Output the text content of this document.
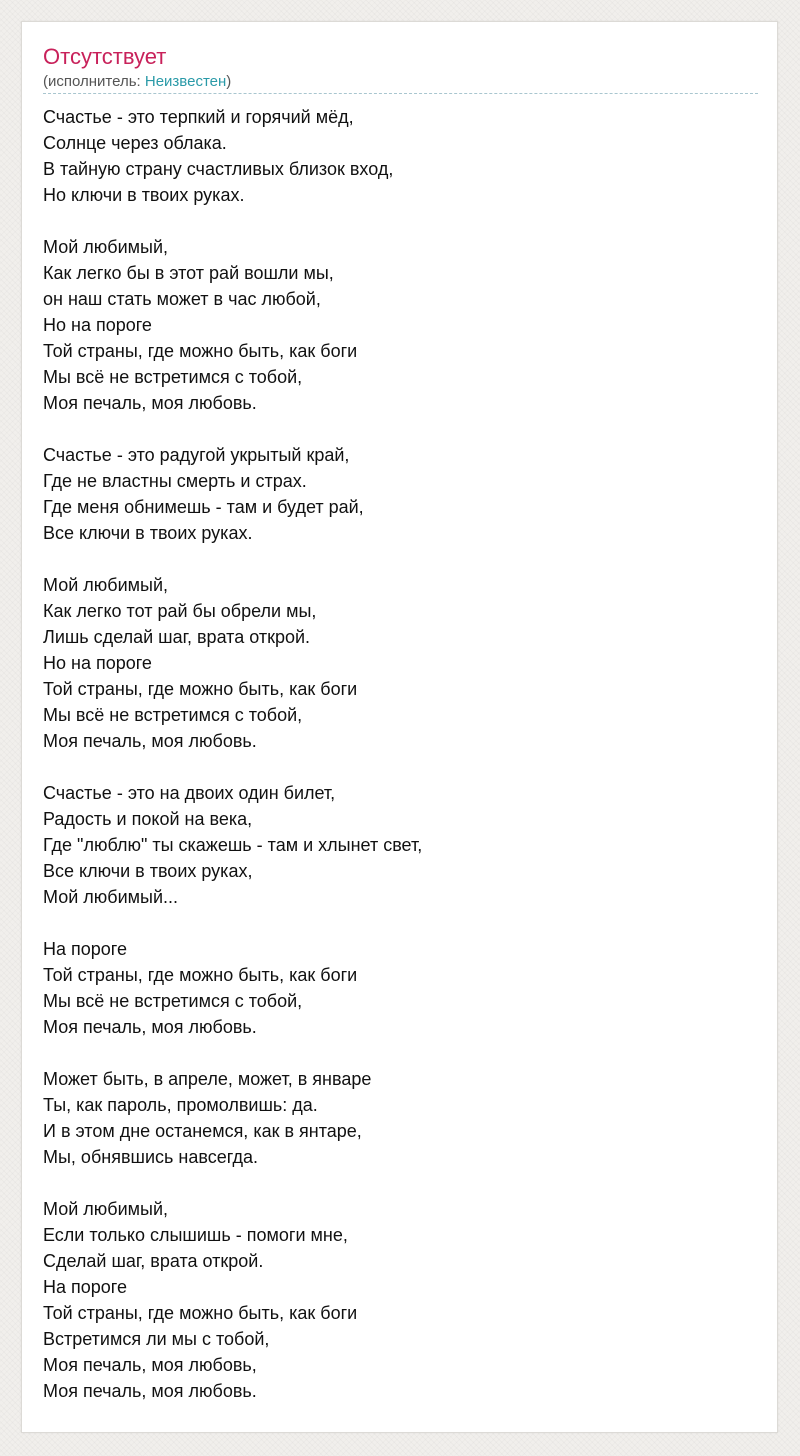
Отсутствует
(исполнитель: Неизвестен)
Счастье - это терпкий и горячий мёд,
Солнце через облака.
В тайную страну счастливых близок вход,
Но ключи в твоих руках.
Мой любимый,
Как легко бы в этот рай вошли мы,
он наш стать может в час любой,
Но на пороге
Той страны, где можно быть, как боги
Мы всё не встретимся с тобой,
Моя печаль, моя любовь.
Счастье - это радугой укрытый край,
Где не властны смерть и страх.
Где меня обнимешь - там и будет рай,
Все ключи в твоих руках.
Мой любимый,
Как легко тот рай бы обрели мы,
Лишь сделай шаг, врата открой.
Но на пороге
Той страны, где можно быть, как боги
Мы всё не встретимся с тобой,
Моя печаль, моя любовь.
Счастье - это на двоих один билет,
Радость и покой на века,
Где "люблю" ты скажешь - там и хлынет свет,
Все ключи в твоих руках,
Мой любимый...
На пороге
Той страны, где можно быть, как боги
Мы всё не встретимся с тобой,
Моя печаль, моя любовь.
Может быть, в апреле, может, в январе
Ты, как пароль, промолвишь: да.
И в этом дне останемся, как в янтаре,
Мы, обнявшись навсегда.
Мой любимый,
Если только слышишь - помоги мне,
Сделай шаг, врата открой.
На пороге
Той страны, где можно быть, как боги
Встретимся ли мы с тобой,
Моя печаль, моя любовь,
Моя печаль, моя любовь.
